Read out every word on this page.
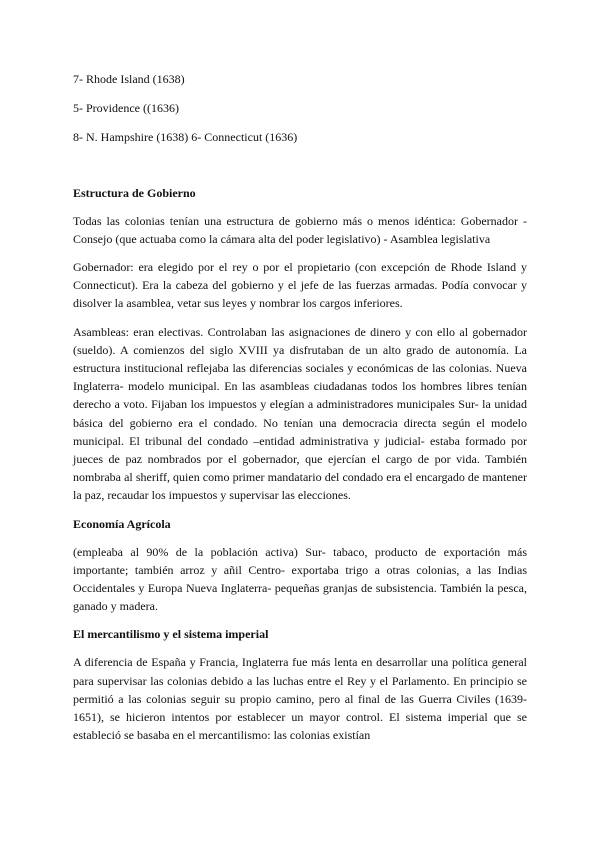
7- Rhode Island (1638)

5- Providence ((1636)

8- N. Hampshire (1638) 6- Connecticut (1636)

Estructura de Gobierno

Todas las colonias tenían una estructura de gobierno más o menos idéntica: Gobernador - Consejo (que actuaba como la cámara alta del poder legislativo) - Asamblea legislativa

Gobernador: era elegido por el rey o por el propietario (con excepción de Rhode Island y Connecticut). Era la cabeza del gobierno y el jefe de las fuerzas armadas. Podía convocar y disolver la asamblea, vetar sus leyes y nombrar los cargos inferiores.

Asambleas: eran electivas. Controlaban las asignaciones de dinero y con ello al gobernador (sueldo). A comienzos del siglo XVIII ya disfrutaban de un alto grado de autonomía. La estructura institucional reflejaba las diferencias sociales y económicas de las colonias. Nueva Inglaterra- modelo municipal. En las asambleas ciudadanas todos los hombres libres tenían derecho a voto. Fijaban los impuestos y elegían a administradores municipales Sur- la unidad básica del gobierno era el condado. No tenían una democracia directa según el modelo municipal. El tribunal del condado –entidad administrativa y judicial- estaba formado por jueces de paz nombrados por el gobernador, que ejercían el cargo de por vida. También nombraba al sheriff, quien como primer mandatario del condado era el encargado de mantener la paz, recaudar los impuestos y supervisar las elecciones.

Economía Agrícola

(empleaba al 90% de la población activa) Sur- tabaco, producto de exportación más importante; también arroz y añil Centro- exportaba trigo a otras colonias, a las Indias Occidentales y Europa Nueva Inglaterra- pequeñas granjas de subsistencia. También la pesca, ganado y madera.

El mercantilismo y el sistema imperial

A diferencia de España y Francia, Inglaterra fue más lenta en desarrollar una política general para supervisar las colonias debido a las luchas entre el Rey y el Parlamento. En principio se permitió a las colonias seguir su propio camino, pero al final de las Guerra Civiles (1639-1651), se hicieron intentos por establecer un mayor control. El sistema imperial que se estableció se basaba en el mercantilismo: las colonias existían
